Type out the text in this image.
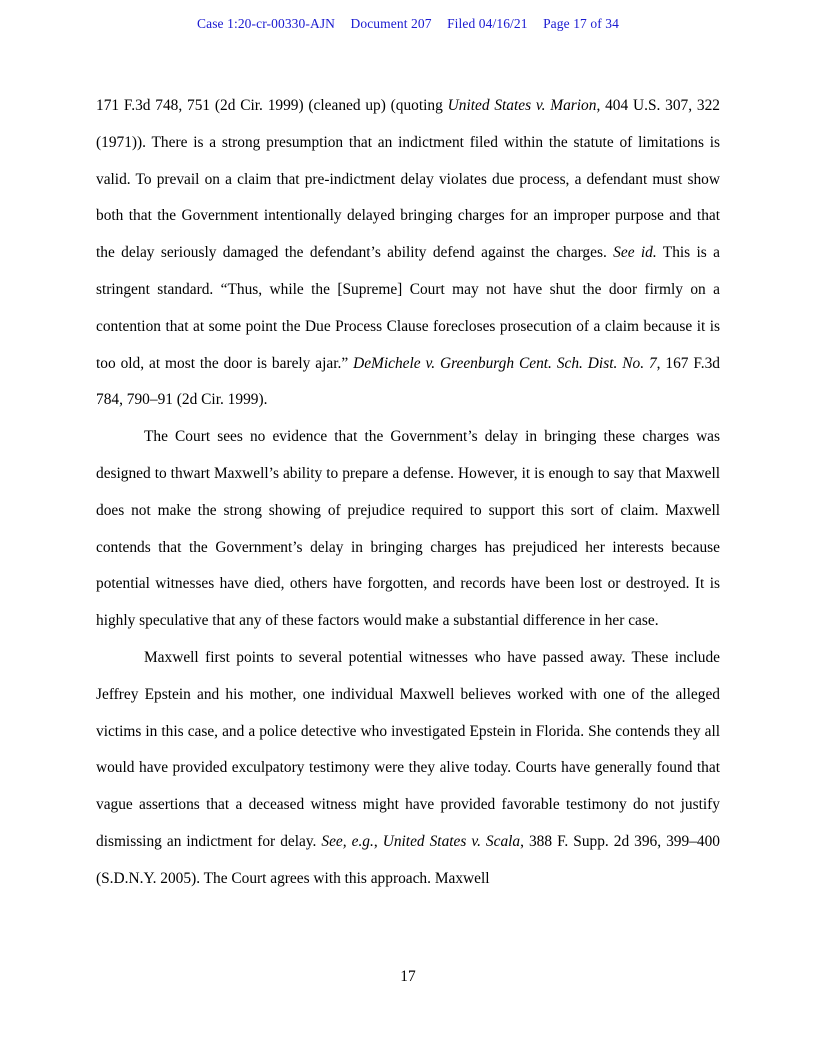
Case 1:20-cr-00330-AJN Document 207 Filed 04/16/21 Page 17 of 34

171 F.3d 748, 751 (2d Cir. 1999) (cleaned up) (quoting United States v. Marion, 404 U.S. 307, 322 (1971)). There is a strong presumption that an indictment filed within the statute of limitations is valid. To prevail on a claim that pre-indictment delay violates due process, a defendant must show both that the Government intentionally delayed bringing charges for an improper purpose and that the delay seriously damaged the defendant’s ability defend against the charges. See id. This is a stringent standard. “Thus, while the [Supreme] Court may not have shut the door firmly on a contention that at some point the Due Process Clause forecloses prosecution of a claim because it is too old, at most the door is barely ajar.” DeMichele v. Greenburgh Cent. Sch. Dist. No. 7, 167 F.3d 784, 790–91 (2d Cir. 1999).

The Court sees no evidence that the Government’s delay in bringing these charges was designed to thwart Maxwell’s ability to prepare a defense. However, it is enough to say that Maxwell does not make the strong showing of prejudice required to support this sort of claim. Maxwell contends that the Government’s delay in bringing charges has prejudiced her interests because potential witnesses have died, others have forgotten, and records have been lost or destroyed. It is highly speculative that any of these factors would make a substantial difference in her case.

Maxwell first points to several potential witnesses who have passed away. These include Jeffrey Epstein and his mother, one individual Maxwell believes worked with one of the alleged victims in this case, and a police detective who investigated Epstein in Florida. She contends they all would have provided exculpatory testimony were they alive today. Courts have generally found that vague assertions that a deceased witness might have provided favorable testimony do not justify dismissing an indictment for delay. See, e.g., United States v. Scala, 388 F. Supp. 2d 396, 399–400 (S.D.N.Y. 2005). The Court agrees with this approach. Maxwell

17
